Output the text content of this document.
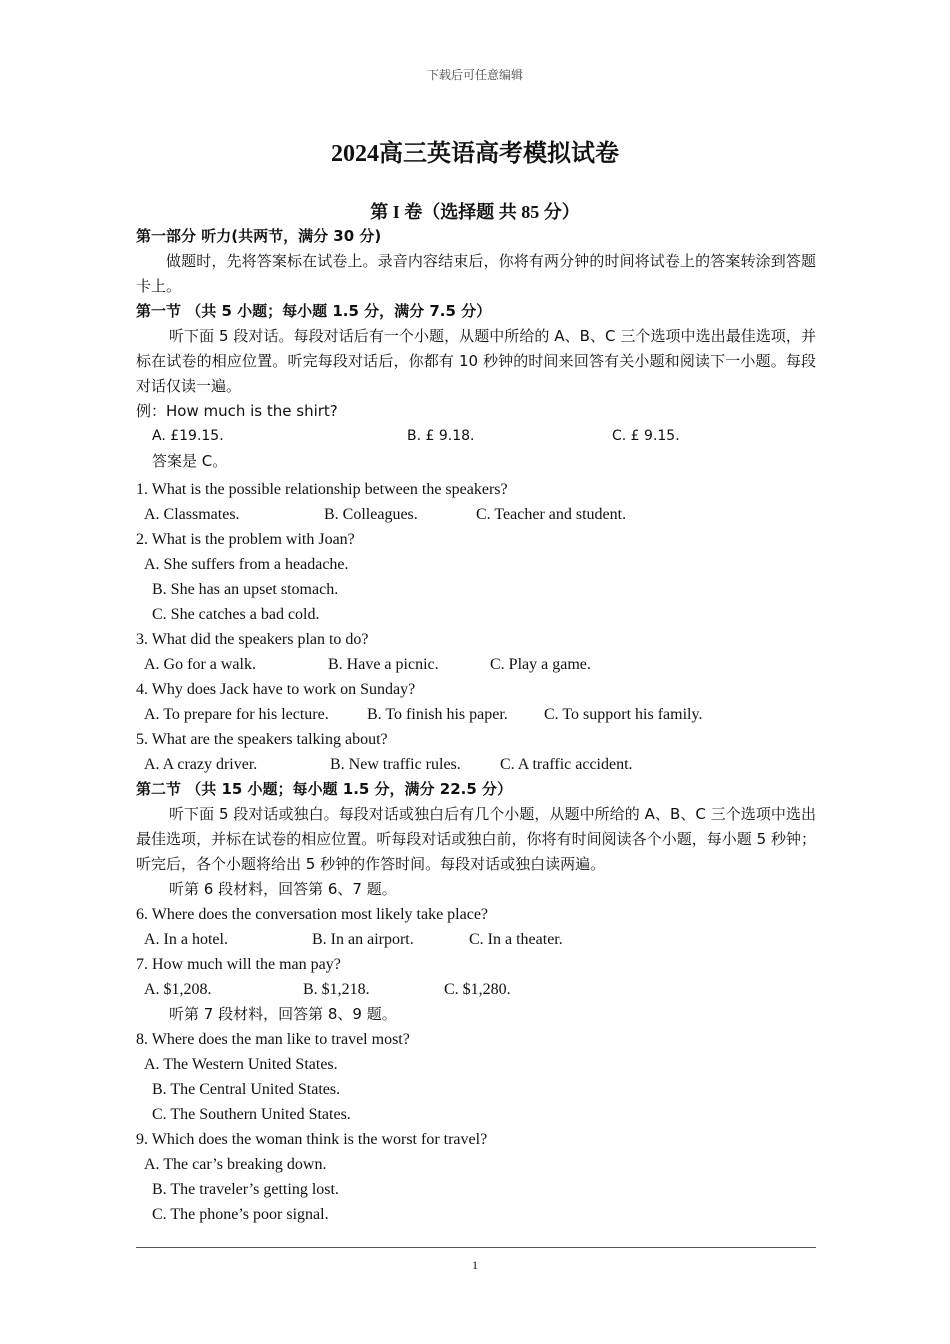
下载后可任意编辑
2024高三英语高考模拟试卷
第 I 卷（选择题 共 85 分）
第一部分 听力(共两节，满分 30 分)

做题时，先将答案标在试卷上。录音内容结束后，你将有两分钟的时间将试卷上的答案转涂到答题卡上。

第一节 （共 5 小题；每小题 1.5 分，满分 7.5 分）

听下面 5 段对话。每段对话后有一个小题，从题中所给的 A、B、C 三个选项中选出最佳选项，并标在试卷的相应位置。听完每段对话后，你都有 10 秒钟的时间来回答有关小题和阅读下一小题。每段对话仅读一遍。

例：How much is the shirt?
A. £19.15.	B. £ 9.18.	C. £ 9.15.
答案是 C。
1. What is the possible relationship between the speakers?
A. Classmates.	B. Colleagues.	C. Teacher and student.
2. What is the problem with Joan?
A. She suffers from a headache.
B. She has an upset stomach.
C. She catches a bad cold.
3. What did the speakers plan to do?
A. Go for a walk.	B. Have a picnic.	C. Play a game.
4. Why does Jack have to work on Sunday?
A. To prepare for his lecture.	B. To finish his paper.	C. To support his family.
5. What are the speakers talking about?
A. A crazy driver.	B. New traffic rules.	C. A traffic accident.
第二节 （共 15 小题；每小题 1.5 分，满分 22.5 分）

听下面 5 段对话或独白。每段对话或独白后有几个小题，从题中所给的 A、B、C 三个选项中选出最佳选项，并标在试卷的相应位置。听每段对话或独白前，你将有时间阅读各个小题，每小题 5 秒钟；听完后，各个小题将给出 5 秒钟的作答时间。每段对话或独白读两遍。

听第 6 段材料，回答第 6、7 题。
6. Where does the conversation most likely take place?
A. In a hotel.	B. In an airport.	C. In a theater.
7. How much will the man pay?
A. $1,208.	B. $1,218.	C. $1,280.
听第 7 段材料，回答第 8、9 题。
8. Where does the man like to travel most?
A. The Western United States.
B. The Central United States.
C. The Southern United States.
9. Which does the woman think is the worst for travel?
A. The car’s breaking down.
B. The traveler’s getting lost.
C. The phone’s poor signal.
1
